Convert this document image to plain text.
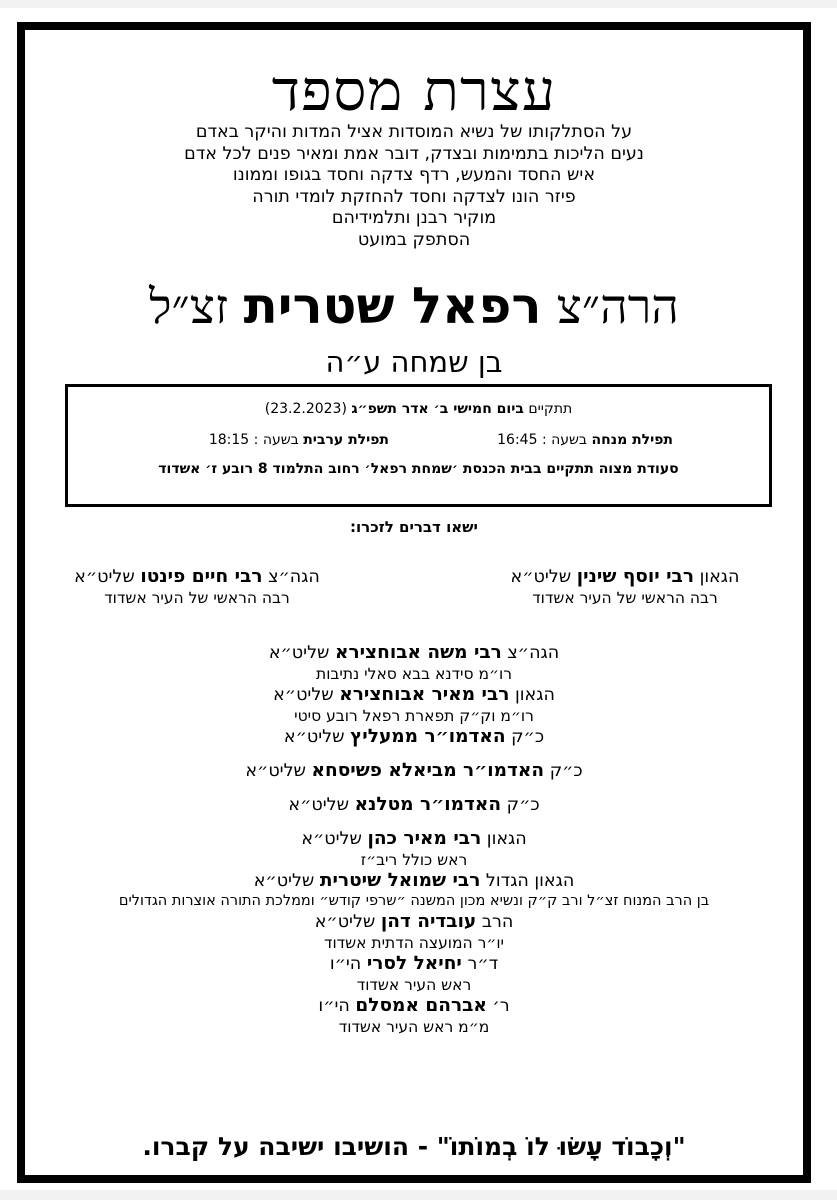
עצרת מספד
על הסתלקותו של נשיא המוסדות אציל המדות והיקר באדם
נעים הליכות בתמימות ובצדק, דובר אמת ומאיר פנים לכל אדם
איש החסד והמעש, רדף צדקה וחסד בגופו וממונו
פיזר הונו לצדקה וחסד להחזקת לומדי תורה
מוקיר רבנן ותלמידיהם
הסתפק במועט
הרה״צ רפאל שטרית זצ״ל
בן שמחה ע״ה
תתקיים ביום חמישי ב׳ אדר תשפ״ג (23.2.2023)
תפילת מנחה בשעה : 16:45
תפילת ערבית בשעה : 18:15
סעודת מצוה תתקיים בבית הכנסת ׳שמחת רפאל׳ רחוב התלמוד 8 רובע ז׳ אשדוד
ישאו דברים לזכרו:
הגאון רבי יוסף שינין שליט״א
רבה הראשי של העיר אשדוד
הגה״צ רבי חיים פינטו שליט״א
רבה הראשי של העיר אשדוד
הגה״צ רבי משה אבוחצירא שליט״א
רו״מ סידנא בבא סאלי נתיבות
הגאון רבי מאיר אבוחצירא שליט״א
רו״מ וק״ק תפארת רפאל רובע סיטי
כ״ק האדמו״ר ממעליץ שליט״א
כ״ק האדמו״ר מביאלא פשיסחא שליט״א
כ״ק האדמו״ר מטלנא שליט״א
הגאון רבי מאיר כהן שליט״א
ראש כולל ריב״ז
הגאון הגדול רבי שמואל שיטרית שליט״א
בן הרב המנוח זצ״ל ורב ק״ק ונשיא מכון המשנה ״שרפי קודש״ וממלכת התורה אוצרות הגדולים
הרב עובדיה דהן שליט״א
יו״ר המועצה הדתית אשדוד
ד״ר יחיאל לסרי הי״ו
ראש העיר אשדוד
ר׳ אברהם אמסלם הי״ו
מ״מ ראש העיר אשדוד
"וְכָבוֹד עָשׂוּ לוֹ בְמוֹתוֹ" - הושיבו ישיבה על קברו.
